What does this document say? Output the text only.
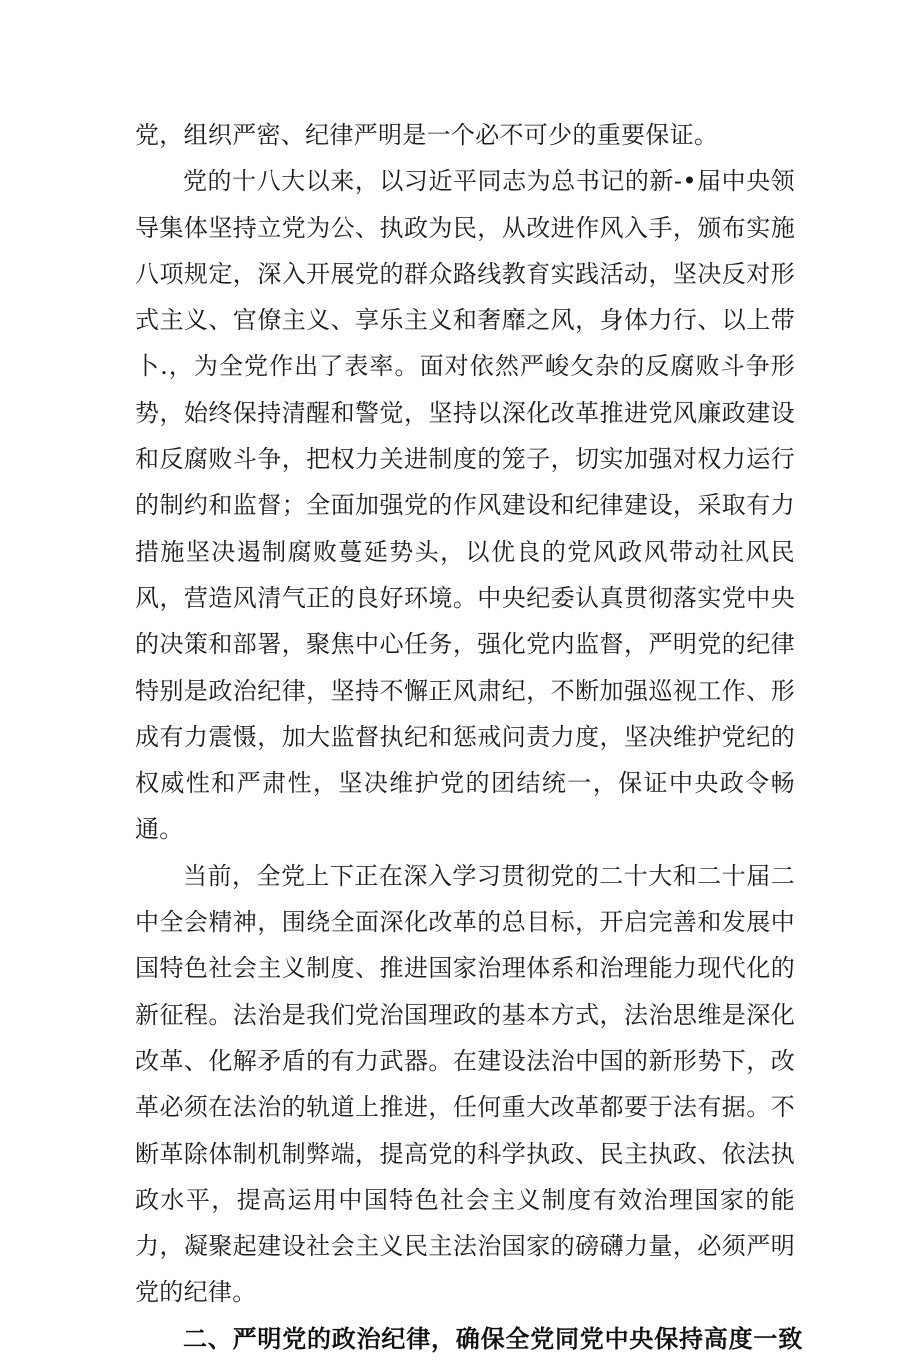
党，组织严密、纪律严明是一个必不可少的重要保证。

党的十八大以来，以习近平同志为总书记的新-•届中央领导集体坚持立党为公、执政为民，从改进作风入手，颁布实施八项规定，深入开展党的群众路线教育实践活动，坚决反对形式主义、官僚主义、享乐主义和奢靡之风，身体力行、以上带卜.，为全党作出了表率。面对依然严峻攵杂的反腐败斗争形势，始终保持清醒和警觉，坚持以深化改革推进党风廉政建设和反腐败斗争，把权力关进制度的笼子，切实加强对权力运行的制约和监督；全面加强党的作风建设和纪律建设，采取有力措施坚决遏制腐败蔓延势头，以优良的党风政风带动社风民风，营造风清气正的良好环境。中央纪委认真贯彻落实党中央的决策和部署，聚焦中心任务，强化党内监督，严明党的纪律特别是政治纪律，坚持不懈正风肃纪，不断加强巡视工作、形成有力震慑，加大监督执纪和惩戒问责力度，坚决维护党纪的权威性和严肃性，坚决维护党的团结统一，保证中央政令畅通。

当前，全党上下正在深入学习贯彻党的二十大和二十届二中全会精神，围绕全面深化改革的总目标，开启完善和发展中国特色社会主义制度、推进国家治理体系和治理能力现代化的新征程。法治是我们党治国理政的基本方式，法治思维是深化改革、化解矛盾的有力武器。在建设法治中国的新形势下，改革必须在法治的轨道上推进，任何重大改革都要于法有据。不断革除体制机制弊端，提高党的科学执政、民主执政、依法执政水平，提高运用中国特色社会主义制度有效治理国家的能力，凝聚起建设社会主义民主法治国家的磅礴力量，必须严明党的纪律。

二、严明党的政治纪律，确保全党同党中央保持高度一致
